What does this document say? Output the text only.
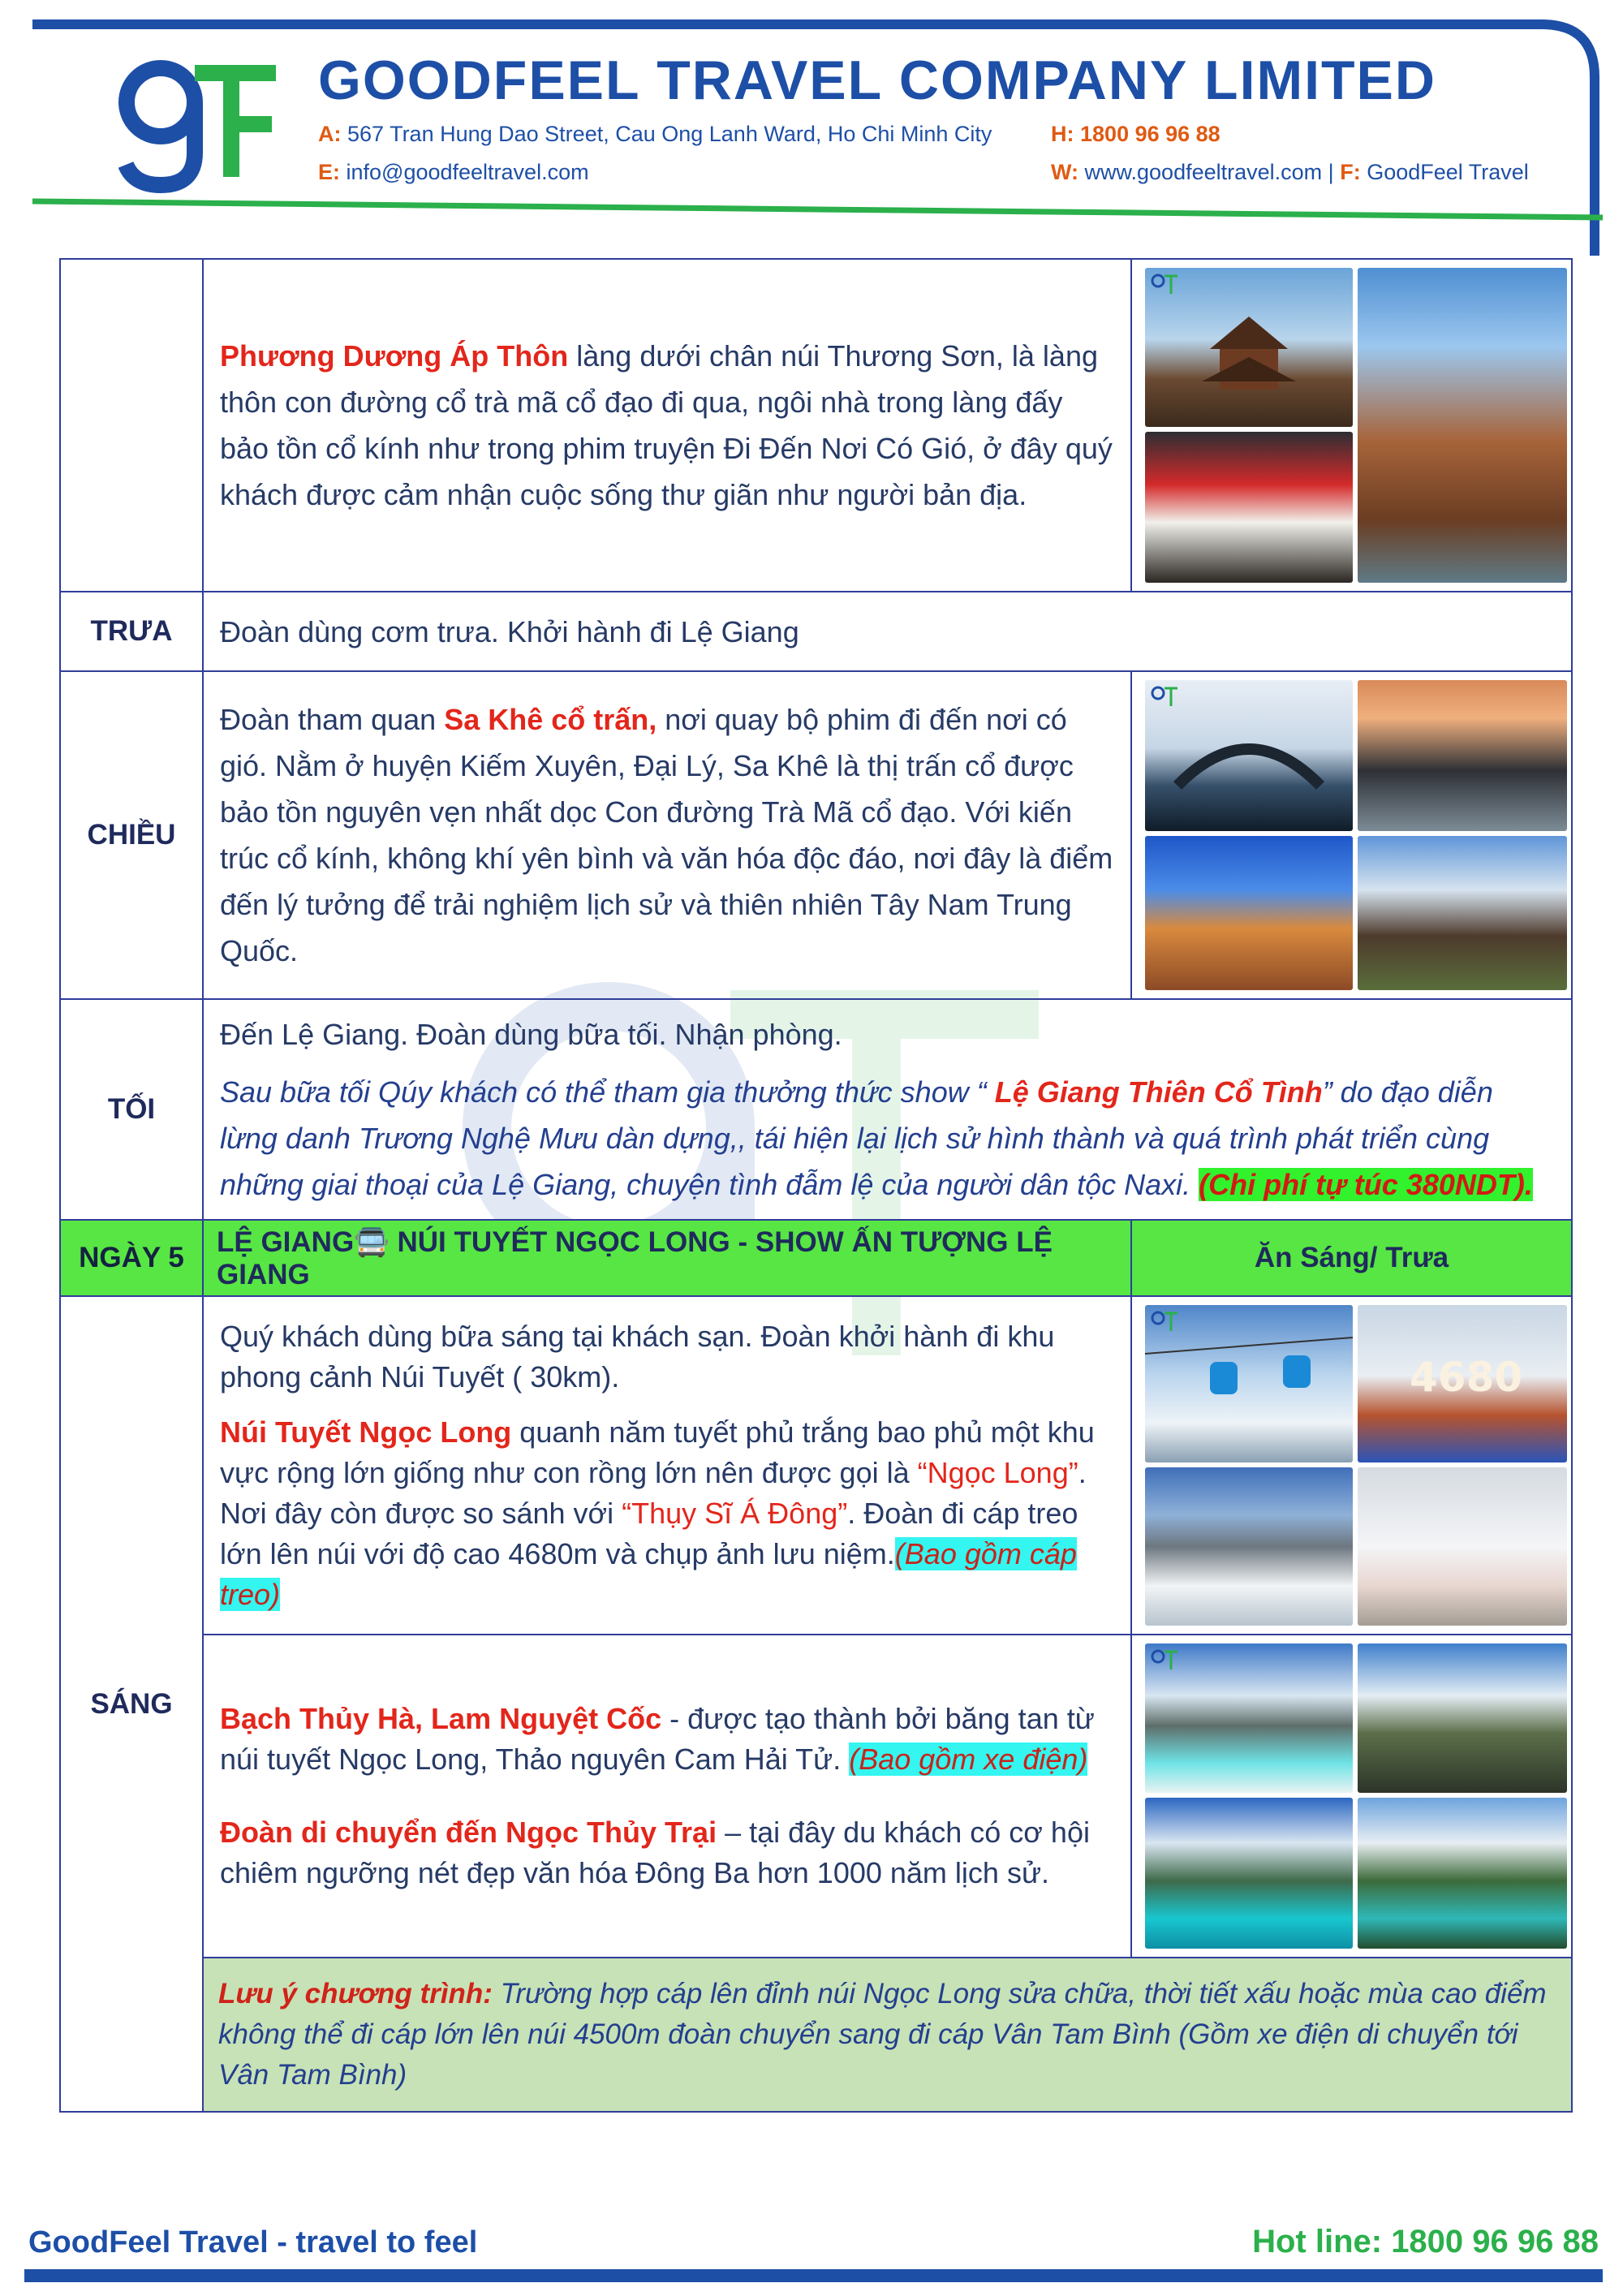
GOODFEEL TRAVEL COMPANY LIMITED
A: 567 Tran Hung Dao Street, Cau Ong Lanh Ward, Ho Chi Minh City	H: 1800 96 96 88
E: info@goodfeeltravel.com	W: www.goodfeeltravel.com | F: GoodFeel Travel

	Phương Dương Áp Thôn làng dưới chân núi Thương Sơn, là làng thôn con đường cổ trà mã cổ đạo đi qua, ngôi nhà trong làng đấy bảo tồn cổ kính như trong phim truyện Đi Đến Nơi Có Gió, ở đây quý khách được cảm nhận cuộc sống thư giãn như người bản địa.

TRƯA	Đoàn dùng cơm trưa. Khởi hành đi Lệ Giang	
CHIỀU	Đoàn tham quan Sa Khê cổ trấn, nơi quay bộ phim đi đến nơi có gió. Nằm ở huyện Kiếm Xuyên, Đại Lý, Sa Khê là thị trấn cổ được bảo tồn nguyên vẹn nhất dọc Con đường Trà Mã cổ đạo. Với kiến trúc cổ kính, không khí yên bình và văn hóa độc đáo, nơi đây là điểm đến lý tưởng để trải nghiệm lịch sử và thiên nhiên Tây Nam Trung Quốc.

TỐI	Đến Lệ Giang. Đoàn dùng bữa tối. Nhận phòng.

Sau bữa tối Qúy khách có thể tham gia thưởng thức show “ Lệ Giang Thiên Cổ Tình” do đạo diễn lừng danh Trương Nghệ Mưu dàn dựng,, tái hiện lại lịch sử hình thành và quá trình phát triển cùng những giai thoại của Lệ Giang, chuyện tình đẫm lệ của người dân tộc Naxi. (Chi phí tự túc 380NDT).	

NGÀY 5	LỆ GIANG🚍 NÚI TUYẾT NGỌC LONG - SHOW ẤN TƯỢNG LỆ GIANG	Ăn Sáng/ Trưa
SÁNG	Quý khách dùng bữa sáng tại khách sạn. Đoàn khởi hành đi khu phong cảnh Núi Tuyết ( 30km).

Núi Tuyết Ngọc Long quanh năm tuyết phủ trắng bao phủ một khu vực rộng lớn giống như con rồng lớn nên được gọi là “Ngọc Long”. Nơi đây còn được so sánh với “Thụy Sĩ Á Đông”. Đoàn đi cáp treo lớn lên núi với độ cao 4680m và chụp ảnh lưu niệm.(Bao gồm cáp treo)	4680

	Bạch Thủy Hà, Lam Nguyệt Cốc - được tạo thành bởi băng tan từ núi tuyết Ngọc Long, Thảo nguyên Cam Hải Tử. (Bao gồm xe điện)

Đoàn di chuyển đến Ngọc Thủy Trại – tại đây du khách có cơ hội chiêm ngưỡng nét đẹp văn hóa Đông Ba hơn 1000 năm lịch sử.

	Lưu ý chương trình: Trường hợp cáp lên đỉnh núi Ngọc Long sửa chữa, thời tiết xấu hoặc mùa cao điểm không thể đi cáp lớn lên núi 4500m đoàn chuyển sang đi cáp Vân Tam Bình (Gồm xe điện di chuyển tới Vân Tam Bình)	
GoodFeel Travel - travel to feel	Hot line: 1800 96 96 88
